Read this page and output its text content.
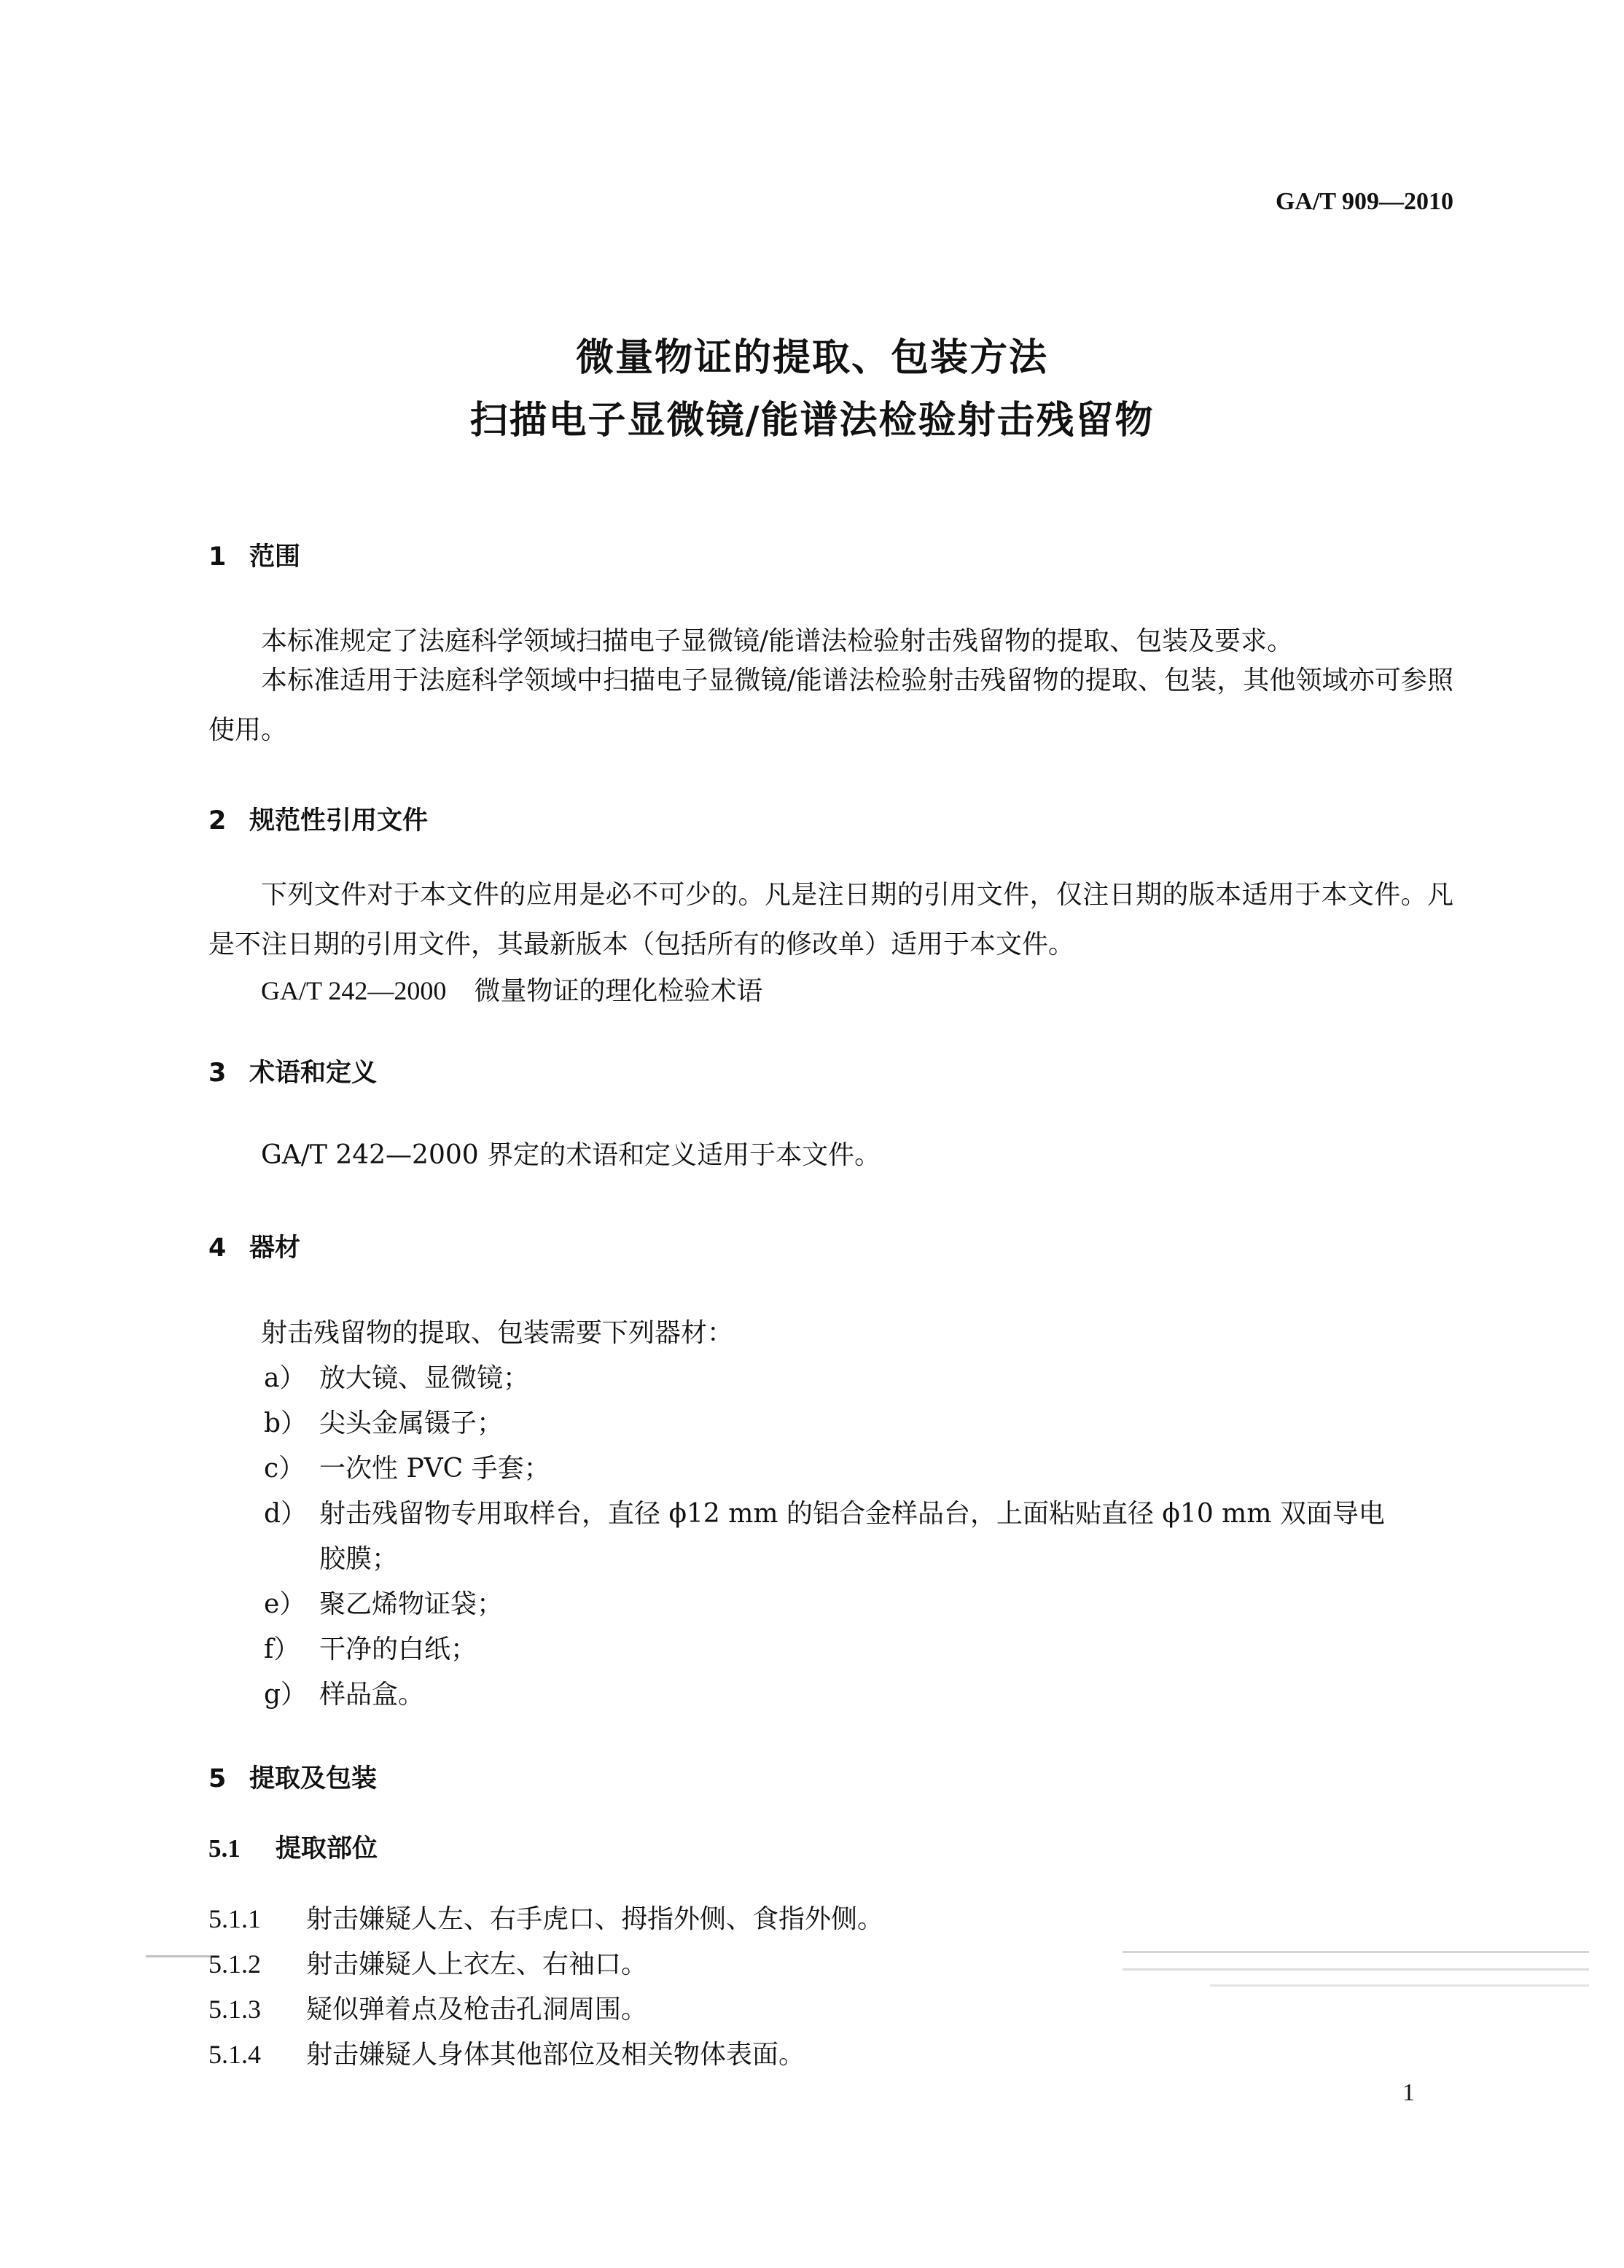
GA/T 909—2010
微量物证的提取、包装方法
扫描电子显微镜/能谱法检验射击残留物
1 范围
本标准规定了法庭科学领域扫描电子显微镜/能谱法检验射击残留物的提取、包装及要求。
本标准适用于法庭科学领域中扫描电子显微镜/能谱法检验射击残留物的提取、包装，其他领域亦可参照使用。
2 规范性引用文件
下列文件对于本文件的应用是必不可少的。凡是注日期的引用文件，仅注日期的版本适用于本文件。凡是不注日期的引用文件，其最新版本（包括所有的修改单）适用于本文件。
GA/T 242—2000 微量物证的理化检验术语
3 术语和定义
GA/T 242—2000 界定的术语和定义适用于本文件。
4 器材
射击残留物的提取、包装需要下列器材：
a） 放大镜、显微镜；
b） 尖头金属镊子；
c） 一次性 PVC 手套；
d） 射击残留物专用取样台，直径 ϕ12 mm 的铝合金样品台，上面粘贴直径 ϕ10 mm 双面导电
胶膜；
e） 聚乙烯物证袋；
f） 干净的白纸；
g） 样品盒。
5 提取及包装
5.1 提取部位
5.1.1 射击嫌疑人左、右手虎口、拇指外侧、食指外侧。
5.1.2 射击嫌疑人上衣左、右袖口。
5.1.3 疑似弹着点及枪击孔洞周围。
5.1.4 射击嫌疑人身体其他部位及相关物体表面。
1
